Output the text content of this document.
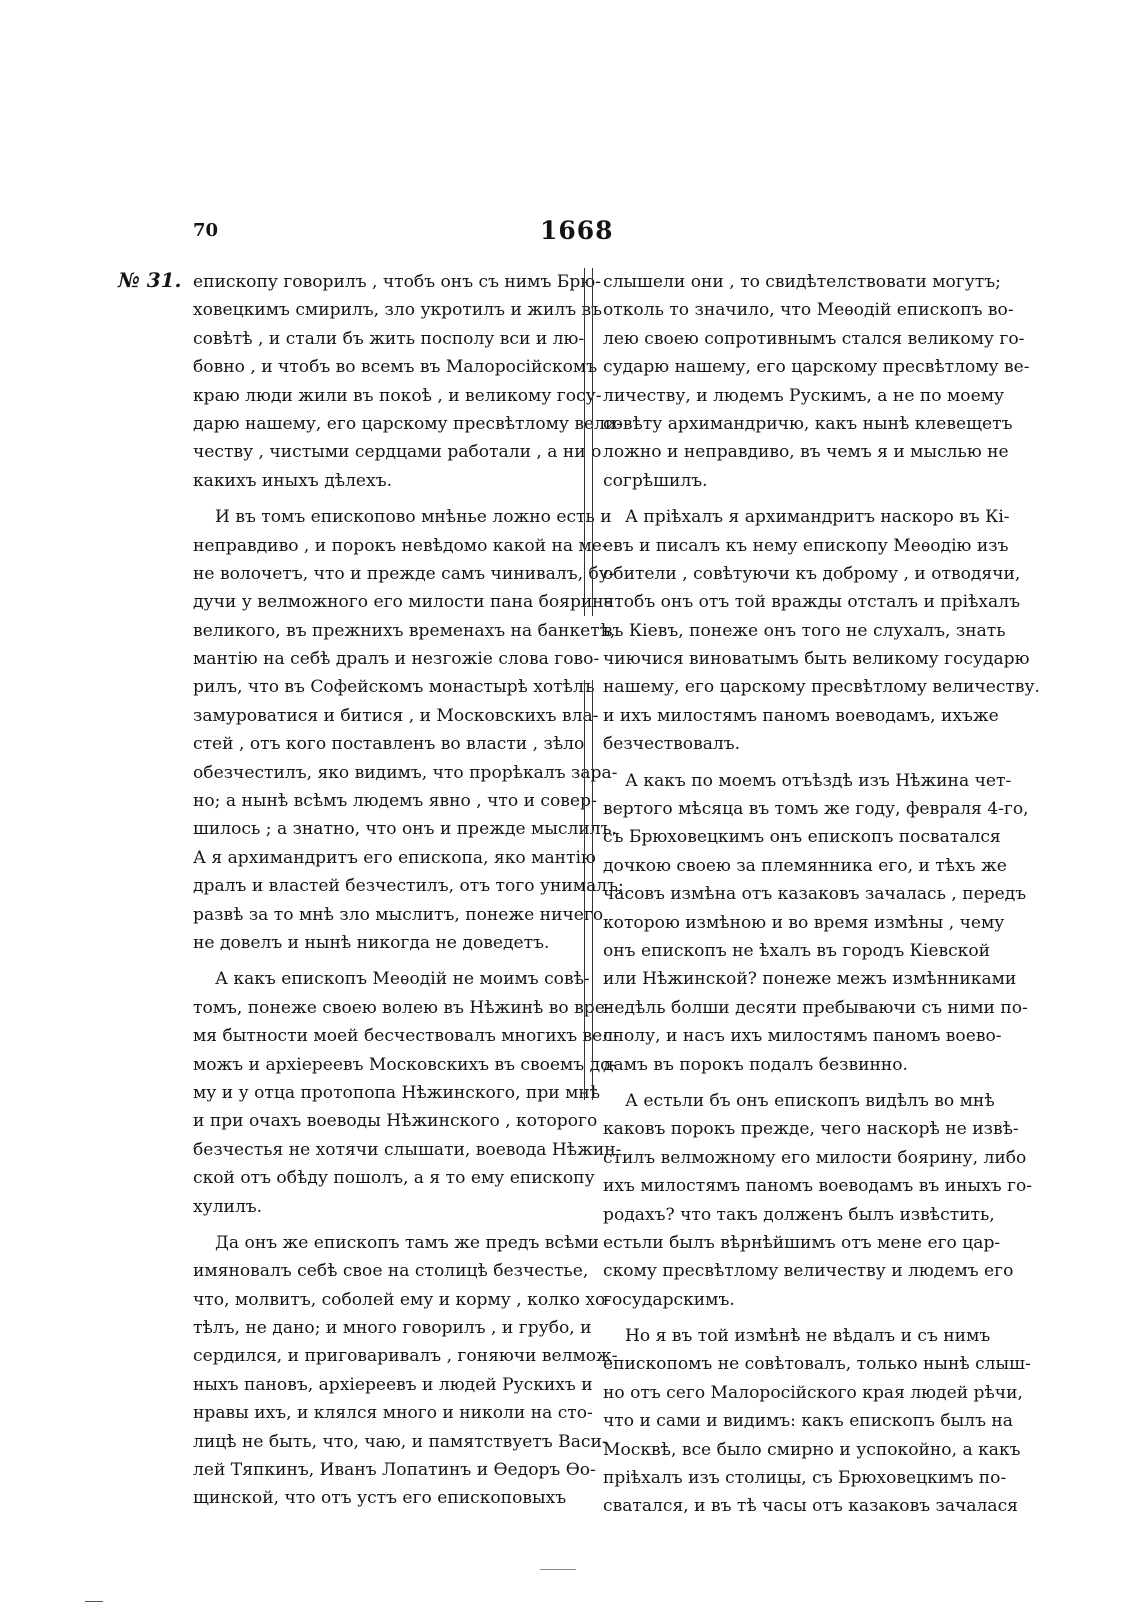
70	1668
№ 31. епископу говорилъ , чтобъ онъ съ нимъ Брю-
ховецкимъ смирилъ, зло укротилъ и жилъ въ
совѣтѣ , и стали бъ жить посполу вси и лю-
бовно , и чтобъ во всемъ въ Малоросійскомъ
краю люди жили въ покоѣ , и великому госу-
дарю нашему, его царскому пресвѣтлому вели-
честву , чистыми сердцами работали , а ни о
какихъ иныхъ дѣлехъ.
И въ томъ епископово мнѣнье ложно есть и
неправдиво , и порокъ невѣдомо какой на ме-
не волочетъ, что и прежде самъ чинивалъ, бу-
дучи у велможного его милости пана боярина
великого, въ прежнихъ временахъ на банкетѣ,
мантію на себѣ дралъ и незгожіе слова гово-
рилъ, что въ Софейскомъ монастырѣ хотѣлъ
замуроватися и битися , и Московскихъ вла-
стей , отъ кого поставленъ во власти , зѣло
обезчестилъ, яко видимъ, что прорѣкалъ зара-
но; а нынѣ всѣмъ людемъ явно , что и совер-
шилось ; а знатно, что онъ и прежде мыслилъ.
А я архимандритъ его епископа, яко мантію
дралъ и властей безчестилъ, отъ того унималъ;
развѣ за то мнѣ зло мыслитъ, понеже ничего
не довелъ и нынѣ никогда не доведетъ.
А какъ епископъ Меѳодій не моимъ совѣ-
томъ, понеже своею волею въ Нѣжинѣ во вре-
мя бытности моей бесчествовалъ многихъ вел-
можъ и архіереевъ Московскихъ въ своемъ до-
му и у отца протопопа Нѣжинского, при мнѣ
и при очахъ воеводы Нѣжинского , которого
безчестья не хотячи слышати, воевода Нѣжин-
ской отъ обѣду пошолъ, а я то ему епископу
хулилъ.
Да онъ же епископъ тамъ же предъ всѣми
имяновалъ себѣ свое на столицѣ безчестье,
что, молвитъ, соболей ему и корму , колко хо-
тѣлъ, не дано; и много говорилъ , и грубо, и
сердился, и приговаривалъ , гоняючи велмож-
ныхъ пановъ, архіереевъ и людей Рускихъ и
нравы ихъ, и клялся много и николи на сто-
лицѣ не быть, что, чаю, и памятствуетъ Васи-
лей Тяпкинъ, Иванъ Лопатинъ и Ѳедоръ Ѳо-
щинской, что отъ устъ его епископовыхъ
слышели они , то свидѣтелствовати могутъ;
отколь то значило, что Меѳодій епископъ во-
лею своею сопротивнымъ стался великому го-
сударю нашему, его царскому пресвѣтлому ве-
личеству, и людемъ Рускимъ, а не по моему
совѣту архимандричю, какъ нынѣ клевещетъ
ложно и неправдиво, въ чемъ я и мыслью не
согрѣшилъ.
А пріѣхалъ я архимандритъ наскоро въ Кі-
евъ и писалъ къ нему епископу Меѳодію изъ
обители , совѣтуючи къ доброму , и отводячи,
чтобъ онъ отъ той вражды отсталъ и пріѣхалъ
въ Кіевъ, понеже онъ того не слухалъ, знать
чиючися виноватымъ быть великому государю
нашему, его царскому пресвѣтлому величеству.
и ихъ милостямъ паномъ воеводамъ, ихъже
безчествовалъ.
А какъ по моемъ отъѣздѣ изъ Нѣжина чет-
вертого мѣсяца въ томъ же году, февраля 4-го,
съ Брюховецкимъ онъ епископъ посватался
дочкою своею за племянника его, и тѣхъ же
часовъ измѣна отъ казаковъ зачалась , передъ
которою измѣною и во время измѣны , чему
онъ епископъ не ѣхалъ въ городъ Кіевской
или Нѣжинской? понеже межъ измѣнниками
недѣль болши десяти пребываючи съ ними по-
сполу, и насъ ихъ милостямъ паномъ воево-
дамъ въ порокъ подалъ безвинно.
А естьли бъ онъ епископъ видѣлъ во мнѣ
каковъ порокъ прежде, чего наскорѣ не извѣ-
стилъ велможному его милости боярину, либо
ихъ милостямъ паномъ воеводамъ въ иныхъ го-
родахъ? что такъ долженъ былъ извѣстить,
естьли былъ вѣрнѣйшимъ отъ мене его цар-
скому пресвѣтлому величеству и людемъ его
государскимъ.
Но я въ той измѣнѣ не вѣдалъ и съ нимъ
епископомъ не совѣтовалъ, только нынѣ слыш-
но отъ сего Малоросійского края людей рѣчи,
что и сами и видимъ: какъ епископъ былъ на
Москвѣ, все было смирно и успокойно, а какъ
пріѣхалъ изъ столицы, съ Брюховецкимъ по-
сватался, и въ тѣ часы отъ казаковъ зачалася
